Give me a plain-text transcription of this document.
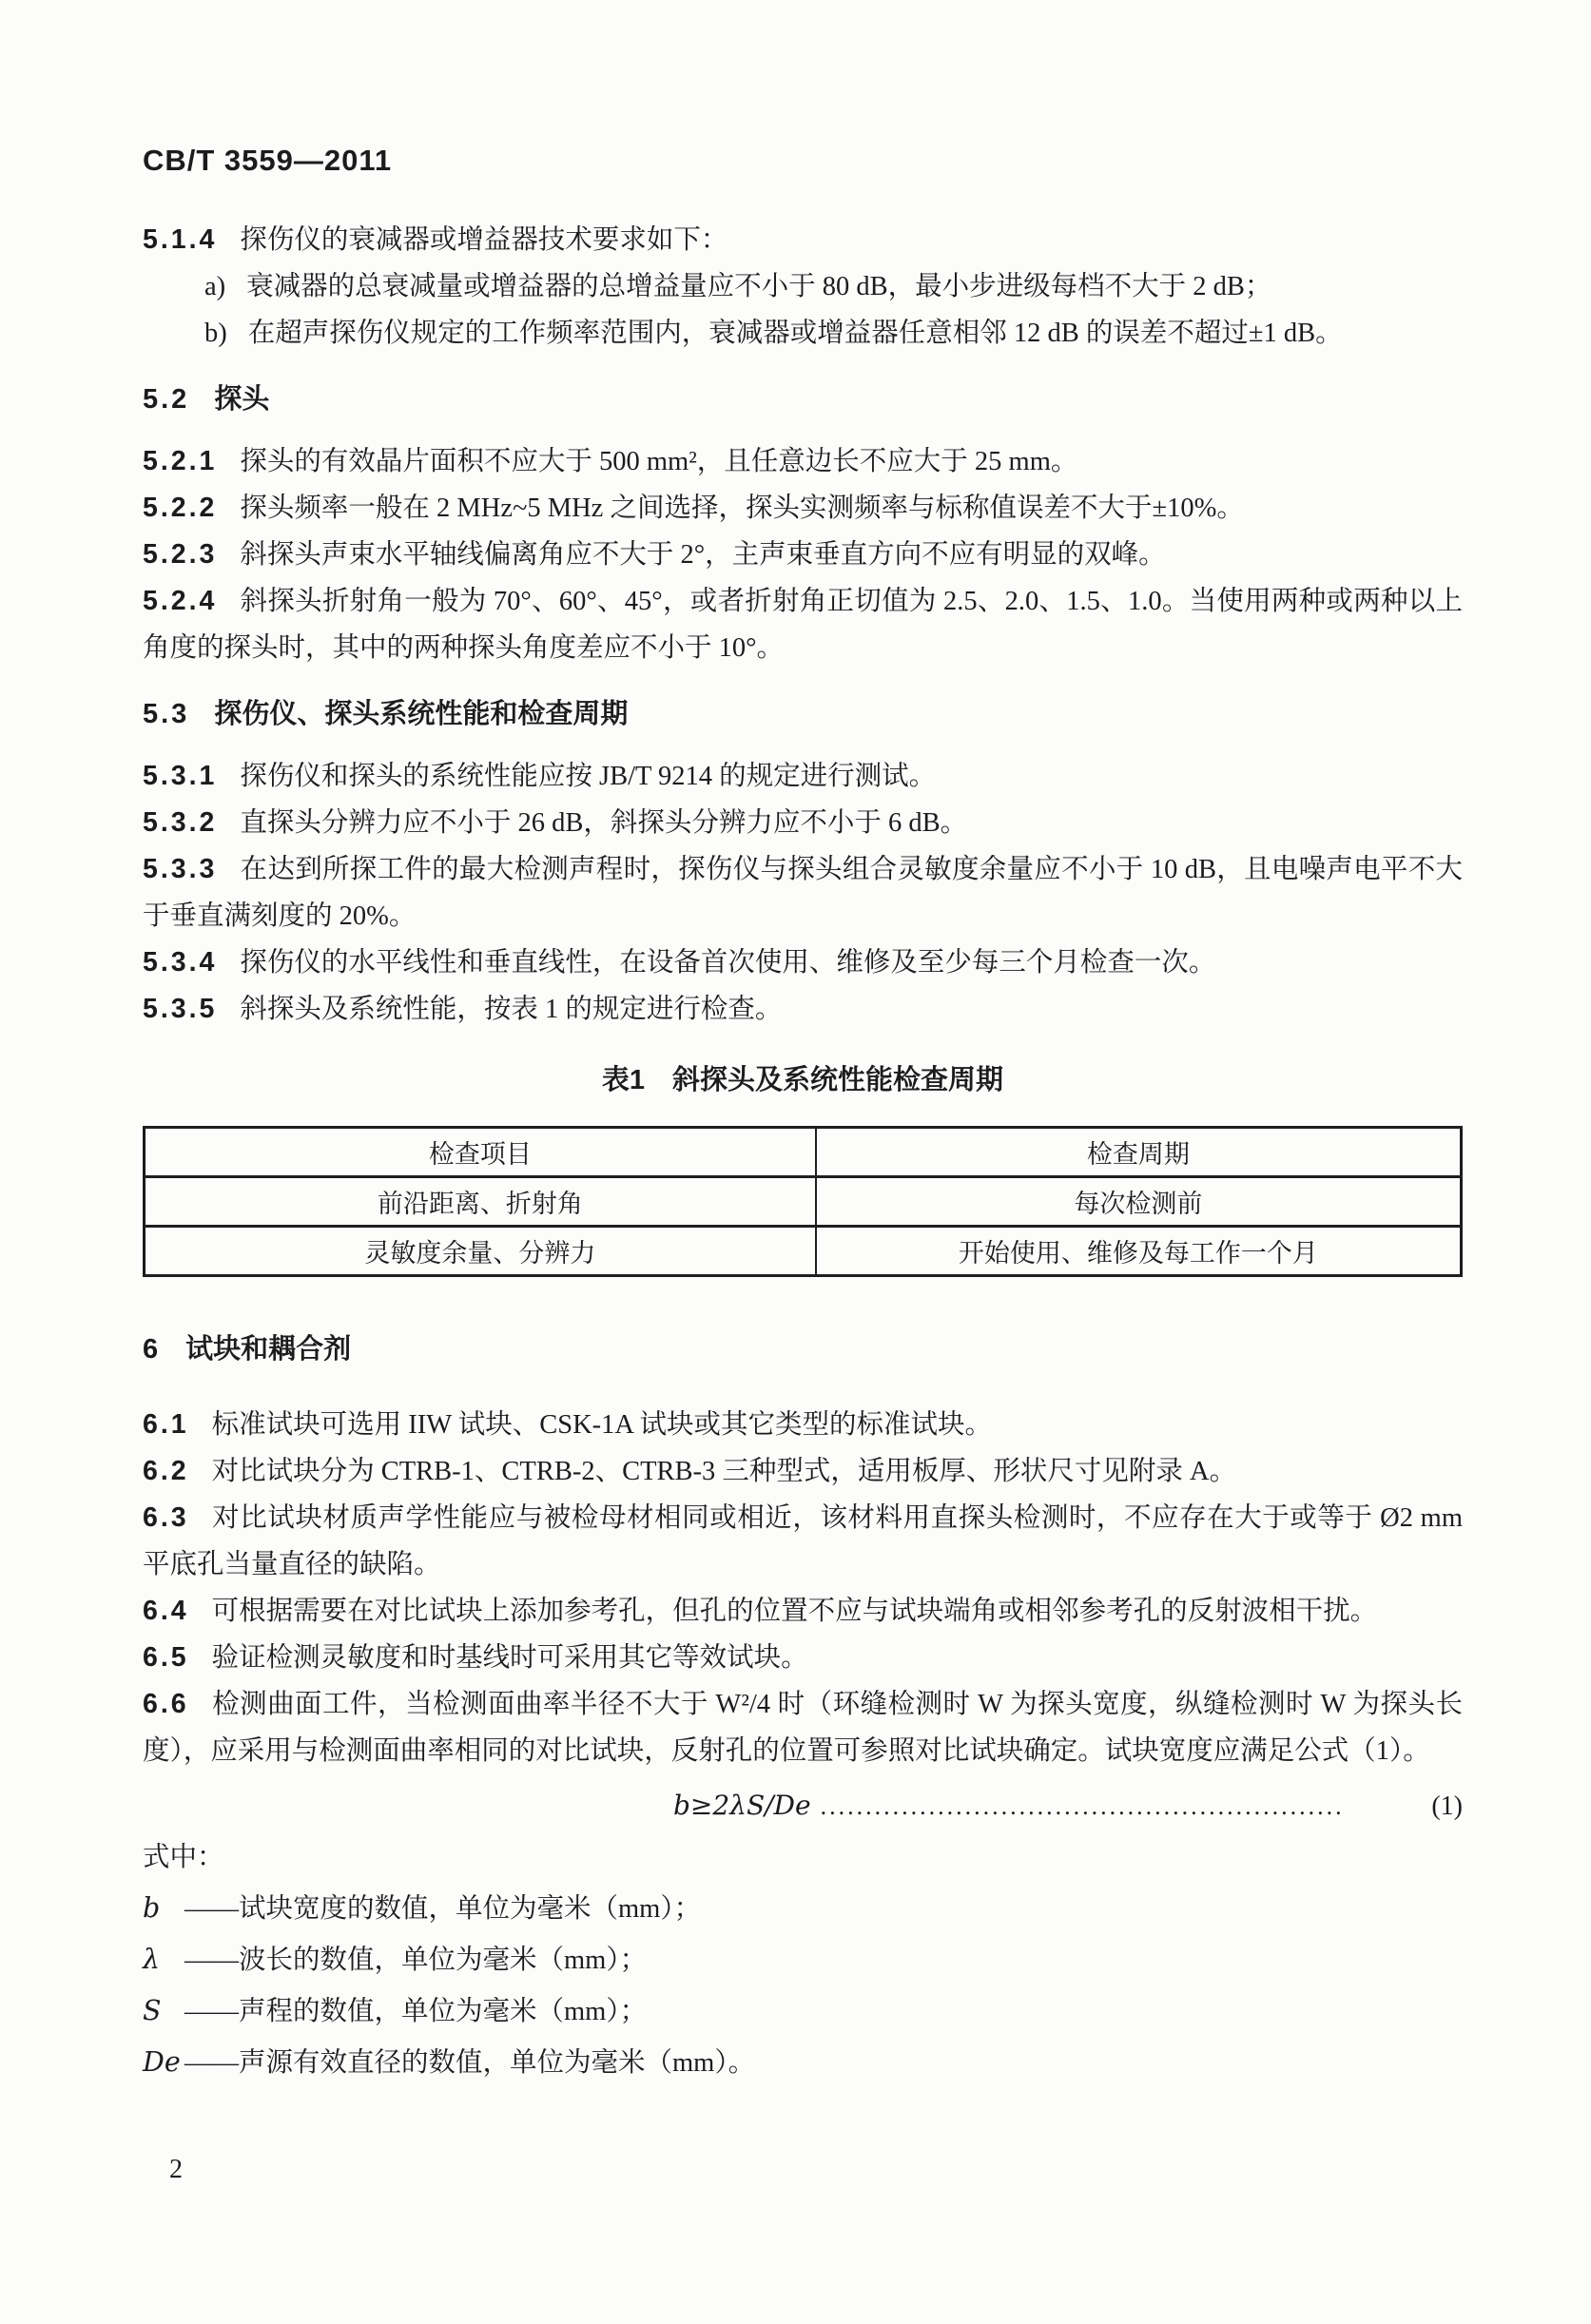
CB/T 3559—2011

5.1.4 探伤仪的衰减器或增益器技术要求如下：

a) 衰减器的总衰减量或增益器的总增益量应不小于 80 dB，最小步进级每档不大于 2 dB；

b) 在超声探伤仪规定的工作频率范围内，衰减器或增益器任意相邻 12 dB 的误差不超过±1 dB。

5.2 探头

5.2.1 探头的有效晶片面积不应大于 500 mm²，且任意边长不应大于 25 mm。

5.2.2 探头频率一般在 2 MHz~5 MHz 之间选择，探头实测频率与标称值误差不大于±10%。

5.2.3 斜探头声束水平轴线偏离角应不大于 2°，主声束垂直方向不应有明显的双峰。

5.2.4 斜探头折射角一般为 70°、60°、45°，或者折射角正切值为 2.5、2.0、1.5、1.0。当使用两种或两种以上角度的探头时，其中的两种探头角度差应不小于 10°。

5.3 探伤仪、探头系统性能和检查周期

5.3.1 探伤仪和探头的系统性能应按 JB/T 9214 的规定进行测试。

5.3.2 直探头分辨力应不小于 26 dB，斜探头分辨力应不小于 6 dB。

5.3.3 在达到所探工件的最大检测声程时，探伤仪与探头组合灵敏度余量应不小于 10 dB，且电噪声电平不大于垂直满刻度的 20%。

5.3.4 探伤仪的水平线性和垂直线性，在设备首次使用、维修及至少每三个月检查一次。

5.3.5 斜探头及系统性能，按表 1 的规定进行检查。

表1　斜探头及系统性能检查周期

检查项目	检查周期
前沿距离、折射角	每次检测前
灵敏度余量、分辨力	开始使用、维修及每工作一个月
6 试块和耦合剂

6.1 标准试块可选用 IIW 试块、CSK-1A 试块或其它类型的标准试块。

6.2 对比试块分为 CTRB-1、CTRB-2、CTRB-3 三种型式，适用板厚、形状尺寸见附录 A。

6.3 对比试块材质声学性能应与被检母材相同或相近，该材料用直探头检测时，不应存在大于或等于 Ø2 mm 平底孔当量直径的缺陷。

6.4 可根据需要在对比试块上添加参考孔，但孔的位置不应与试块端角或相邻参考孔的反射波相干扰。

6.5 验证检测灵敏度和时基线时可采用其它等效试块。

6.6 检测曲面工件，当检测面曲率半径不大于 W²/4 时（环缝检测时 W 为探头宽度，纵缝检测时 W 为探头长度），应采用与检测面曲率相同的对比试块，反射孔的位置可参照对比试块确定。试块宽度应满足公式（1）。

b≥2λS/De ..........................................................	(1)

式中：

b ——试块宽度的数值，单位为毫米（mm）；

λ ——波长的数值，单位为毫米（mm）；

S ——声程的数值，单位为毫米（mm）；

De ——声源有效直径的数值，单位为毫米（mm）。

2
